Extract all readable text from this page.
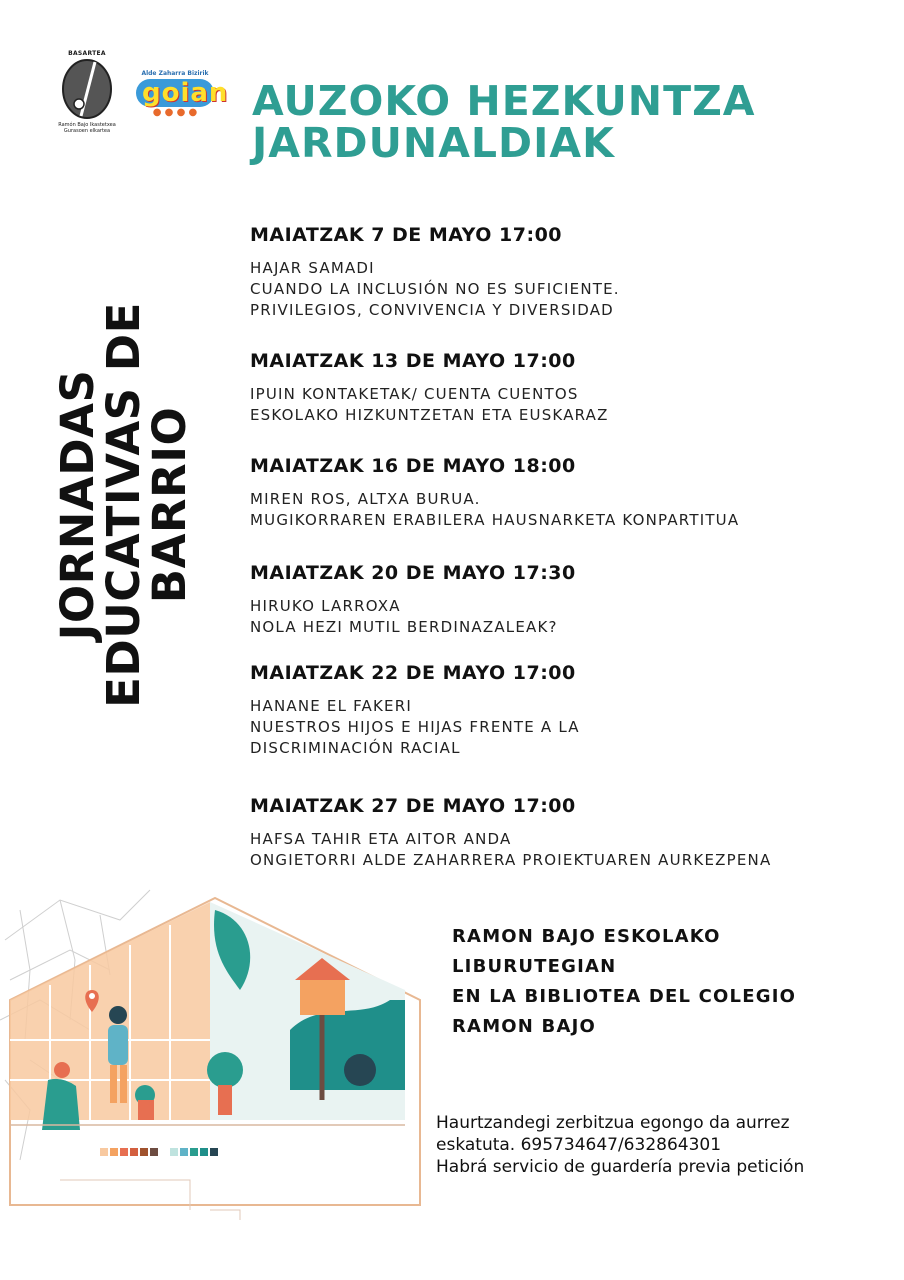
BASARTEA
Ramón Bajo Ikastetxea Gurasoen elkartea
Alde Zaharra Bizirik
goian
● ● ● ●	AUZOKO HEZKUNTZA
JARDUNALDIAK
JORNADAS
EDUCATIVAS DE
BARRIO
MAIATZAK 7 DE MAYO 17:00
HAJAR SAMADI
CUANDO LA INCLUSIÓN NO ES SUFICIENTE.
PRIVILEGIOS, CONVIVENCIA Y DIVERSIDAD
MAIATZAK 13 DE MAYO 17:00
IPUIN KONTAKETAK/ CUENTA CUENTOS
ESKOLAKO HIZKUNTZETAN ETA EUSKARAZ
MAIATZAK 16 DE MAYO 18:00
MIREN ROS, ALTXA BURUA.
MUGIKORRAREN ERABILERA HAUSNARKETA KONPARTITUA
MAIATZAK 20 DE MAYO 17:30
HIRUKO LARROXA
NOLA HEZI MUTIL BERDINAZALEAK?
MAIATZAK 22 DE MAYO 17:00
HANANE EL FAKERI
NUESTROS HIJOS E HIJAS FRENTE A LA
DISCRIMINACIÓN RACIAL
MAIATZAK 27 DE MAYO 17:00
HAFSA TAHIR ETA AITOR ANDA
ONGIETORRI ALDE ZAHARRERA PROIEKTUAREN AURKEZPENA
RAMON BAJO ESKOLAKO
LIBURUTEGIAN
EN LA BIBLIOTEA DEL COLEGIO
RAMON BAJO
Haurtzandegi zerbitzua egongo da aurrez
eskatuta. 695734647/632864301
Habrá servicio de guardería previa petición
